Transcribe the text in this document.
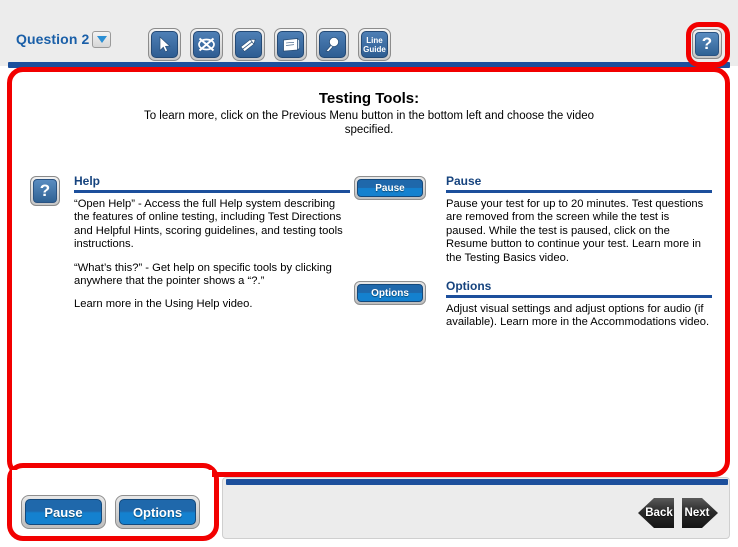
Question 2	Line
Guide	?
Testing Tools:
To learn more, click on the Previous Menu button in the bottom left and choose the video specified.
?	Help

“Open Help” - Access the full Help system describing the features of online testing, including Test Directions and Helpful Hints, scoring guidelines, and testing tools instructions.

“What’s this?” - Get help on specific tools by clicking anywhere that the pointer shows a “?.”

Learn more in the Using Help video.

Pause	Pause

Pause your test for up to 20 minutes. Test questions are removed from the screen while the test is paused. While the test is paused, click on the Resume button to continue your test. Learn more in the Testing Basics video.

Options	Options

Adjust visual settings and adjust options for audio (if available). Learn more in the Accommodations video.

Pause	Options	Back	Next
